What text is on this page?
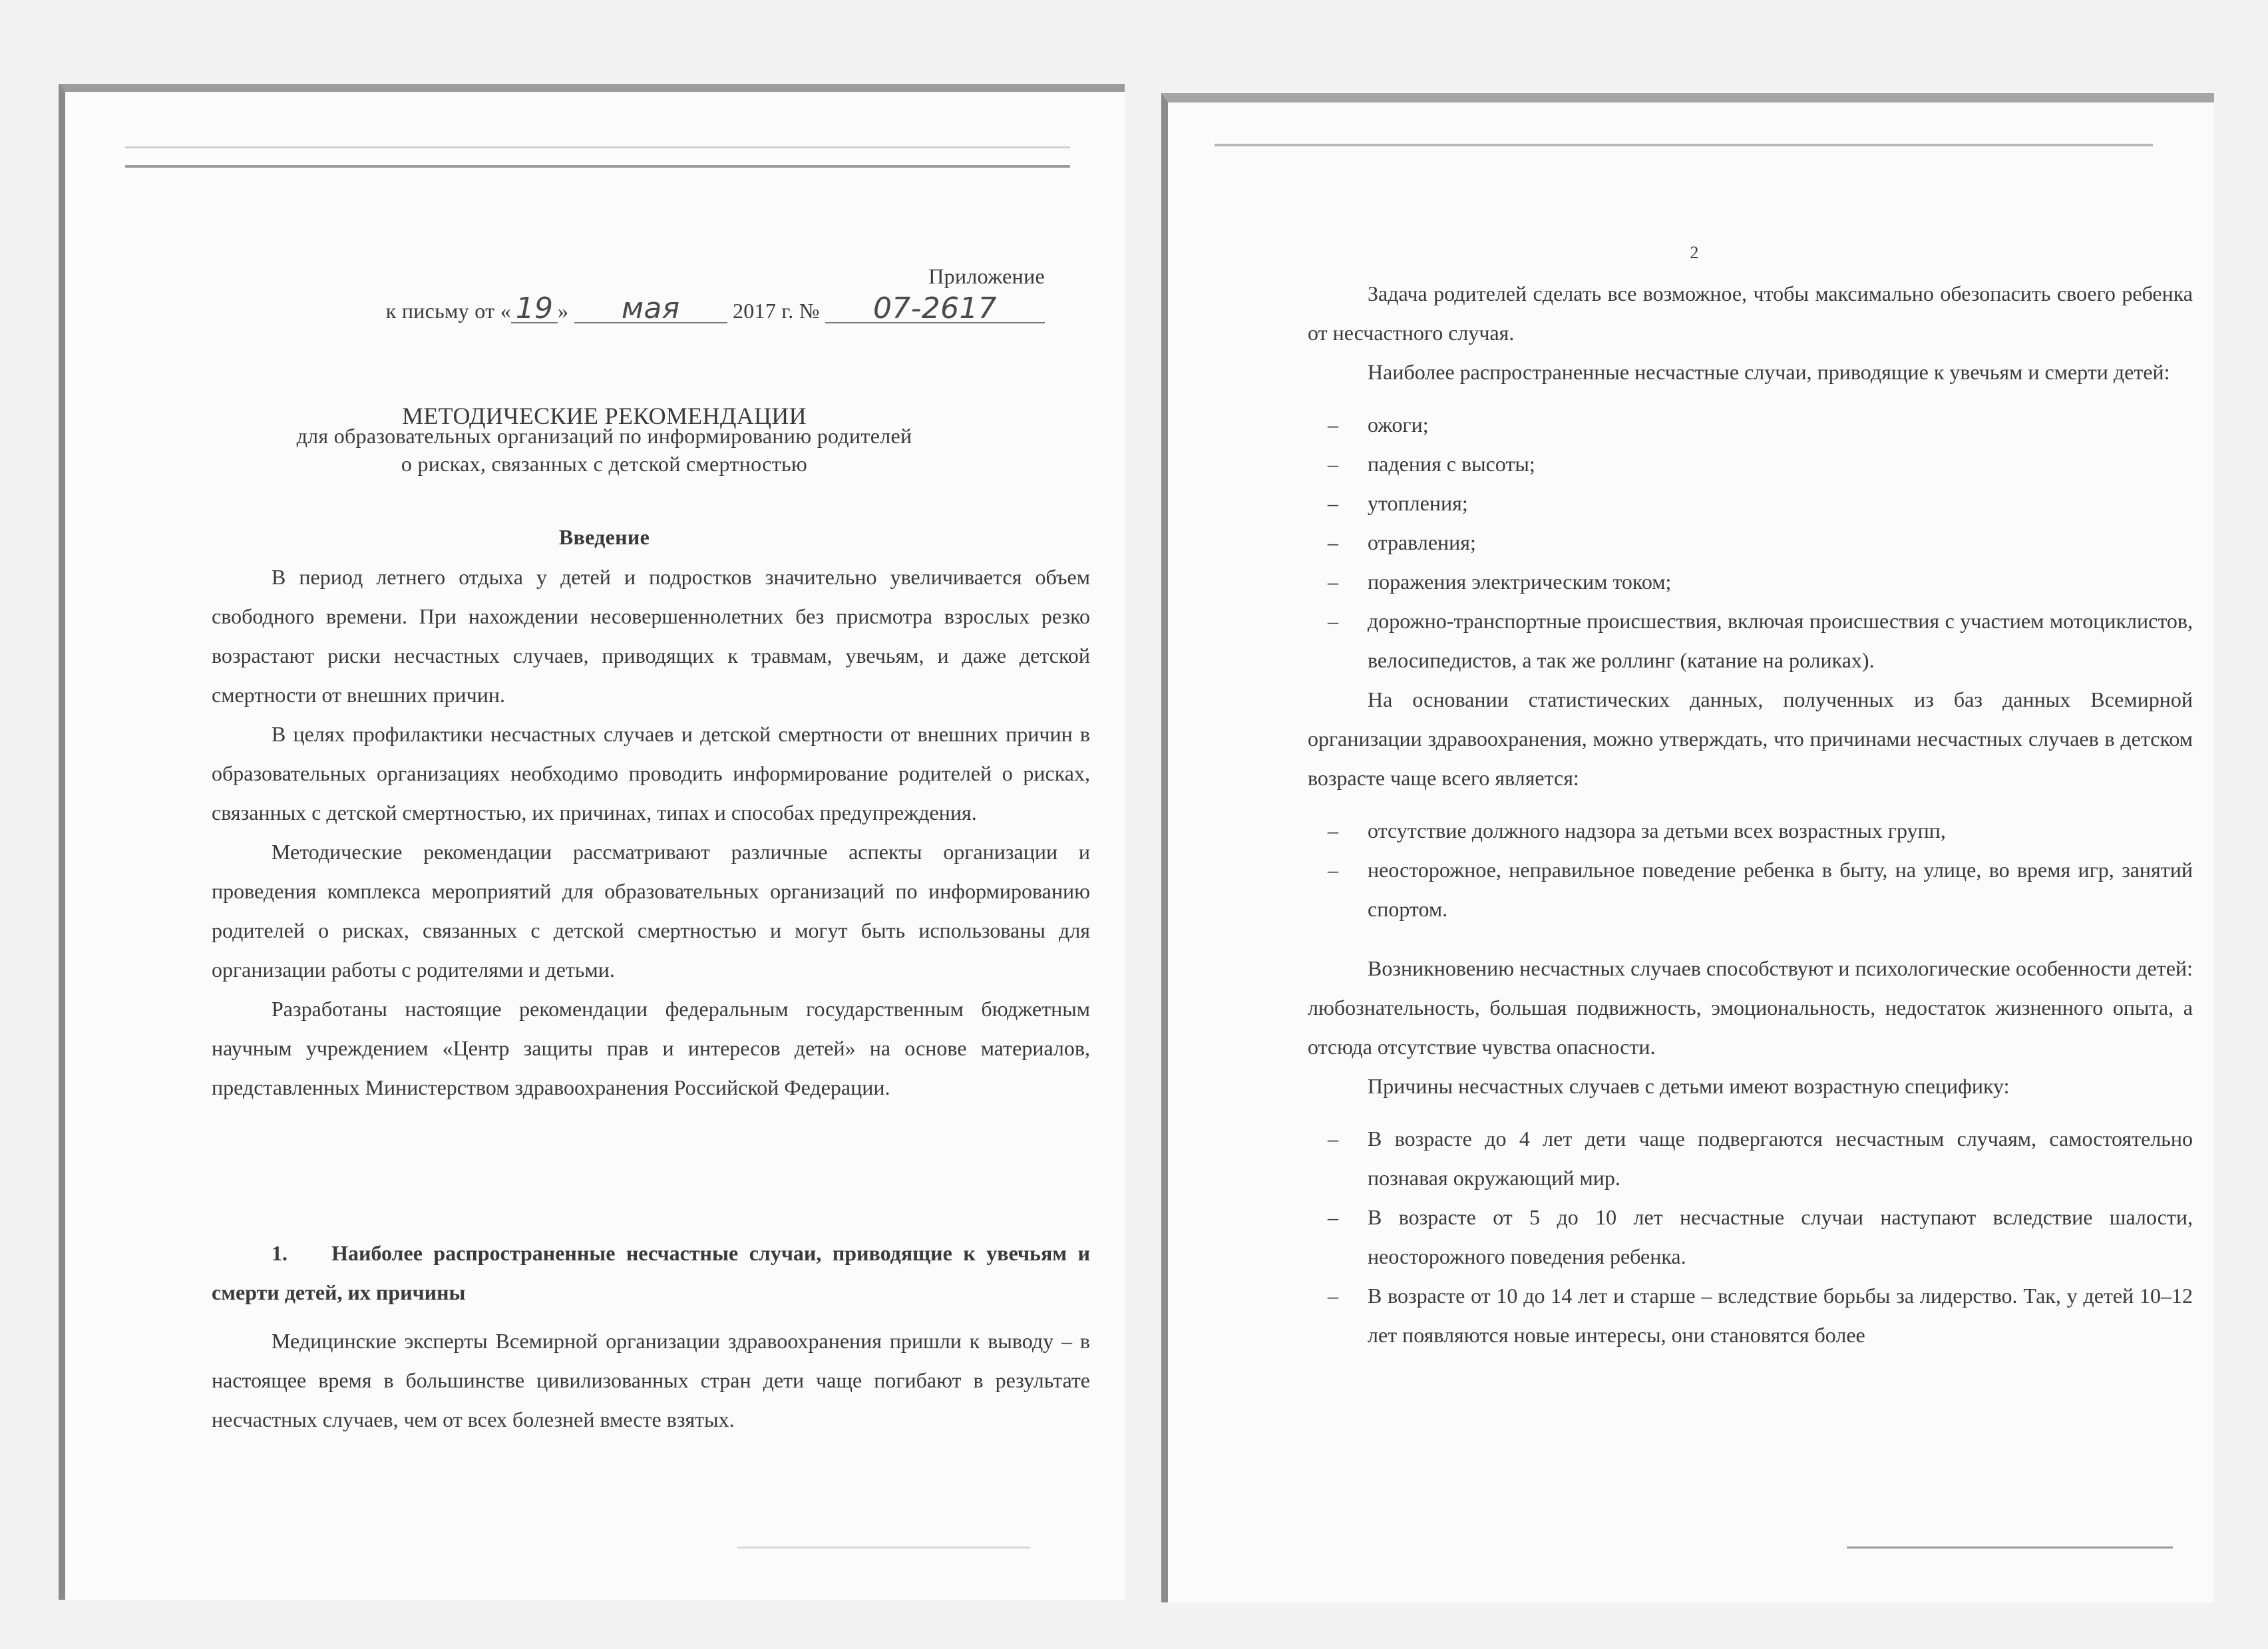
Приложение
к письму от « 19 » мая 2017 г. № 07-2617
МЕТОДИЧЕСКИЕ РЕКОМЕНДАЦИИ
для образовательных организаций по информированию родителей
о рисках, связанных с детской смертностью
Введение

В период летнего отдыха у детей и подростков значительно увеличивается объем свободного времени. При нахождении несовершеннолетних без присмотра взрослых резко возрастают риски несчастных случаев, приводящих к травмам, увечьям, и даже детской смертности от внешних причин.

В целях профилактики несчастных случаев и детской смертности от внешних причин в образовательных организациях необходимо проводить информирование родителей о рисках, связанных с детской смертностью, их причинах, типах и способах предупреждения.

Методические рекомендации рассматривают различные аспекты организации и проведения комплекса мероприятий для образовательных организаций по информированию родителей о рисках, связанных с детской смертностью и могут быть использованы для организации работы с родителями и детьми.

Разработаны настоящие рекомендации федеральным государственным бюджетным научным учреждением «Центр защиты прав и интересов детей» на основе материалов, представленных Министерством здравоохранения Российской Федерации.

1. Наиболее распространенные несчастные случаи, приводящие к увечьям и смерти детей, их причины

Медицинские эксперты Всемирной организации здравоохранения пришли к выводу – в настоящее время в большинстве цивилизованных стран дети чаще погибают в результате несчастных случаев, чем от всех болезней вместе взятых.

2

Задача родителей сделать все возможное, чтобы максимально обезопасить своего ребенка от несчастного случая.

Наиболее распространенные несчастные случаи, приводящие к увечьям и смерти детей:

– ожоги;
– падения с высоты;
– утопления;
– отравления;
– поражения электрическим током;
– дорожно-транспортные происшествия, включая происшествия с участием мотоциклистов, велосипедистов, а так же роллинг (катание на роликах).

На основании статистических данных, полученных из баз данных Всемирной организации здравоохранения, можно утверждать, что причинами несчастных случаев в детском возрасте чаще всего является:

– отсутствие должного надзора за детьми всех возрастных групп,
– неосторожное, неправильное поведение ребенка в быту, на улице, во время игр, занятий спортом.

Возникновению несчастных случаев способствуют и психологические особенности детей: любознательность, большая подвижность, эмоциональность, недостаток жизненного опыта, а отсюда отсутствие чувства опасности.

Причины несчастных случаев с детьми имеют возрастную специфику:

– В возрасте до 4 лет дети чаще подвергаются несчастным случаям, самостоятельно познавая окружающий мир.
– В возрасте от 5 до 10 лет несчастные случаи наступают вследствие шалости, неосторожного поведения ребенка.
– В возрасте от 10 до 14 лет и старше – вследствие борьбы за лидерство. Так, у детей 10–12 лет появляются новые интересы, они становятся более
